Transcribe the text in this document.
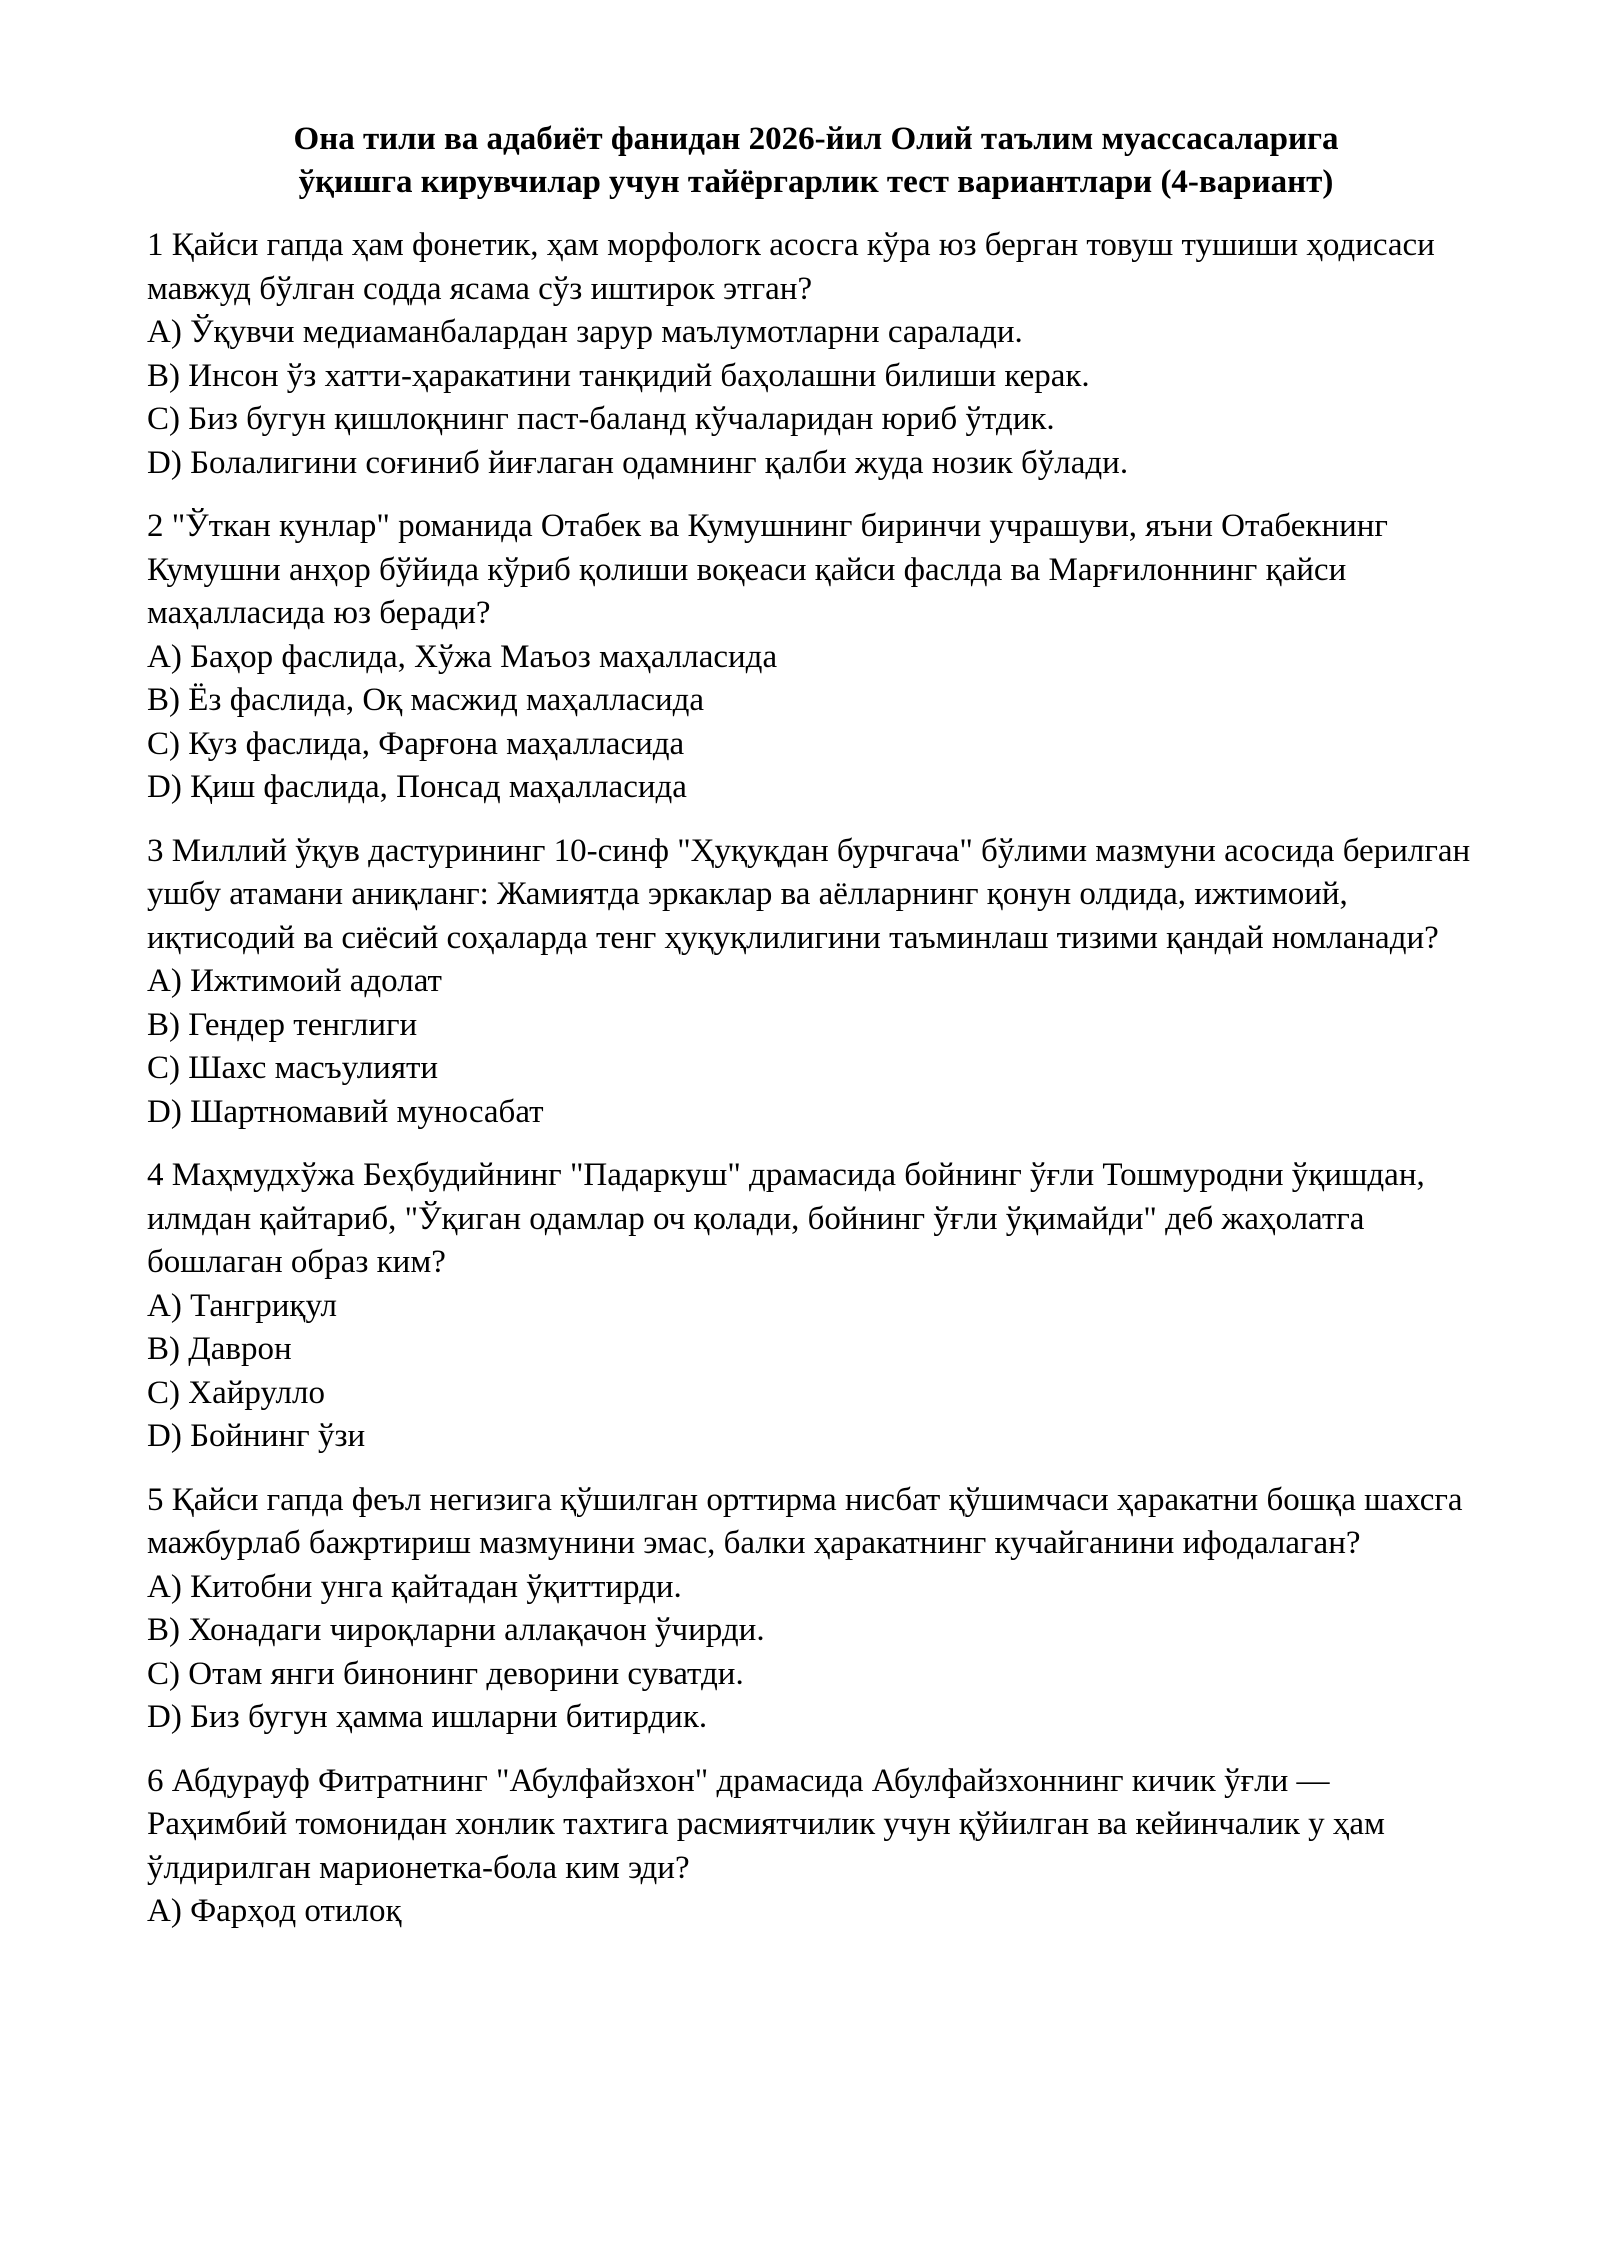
Она тили ва адабиёт фанидан 2026-йил Олий таълим муассасаларига
ўқишга кирувчилар учун тайёргарлик тест вариантлари (4-вариант)

1 Қайси гапда ҳам фонетик, ҳам морфологк асосга кўра юз берган товуш тушиши ҳодисаси мавжуд бўлган содда ясама сўз иштирок этган?

A) Ўқувчи медиаманбалардан зарур маълумотларни саралади.
B) Инсон ўз хатти-ҳаракатини танқидий баҳолашни билиши керак.
C) Биз бугун қишлоқнинг паст-баланд кўчаларидан юриб ўтдик.
D) Болалигини соғиниб йиғлаган одамнинг қалби жуда нозик бўлади.

2 "Ўткан кунлар" романида Отабек ва Кумушнинг биринчи учрашуви, яъни Отабекнинг Кумушни анҳор бўйида кўриб қолиши воқеаси қайси фаслда ва Марғилоннинг қайси маҳалласида юз беради?

A) Баҳор фаслида, Хўжа Маъоз маҳалласида
B) Ёз фаслида, Оқ масжид маҳалласида
C) Куз фаслида, Фарғона маҳалласида
D) Қиш фаслида, Понсад маҳалласида

3 Миллий ўқув дастурининг 10-синф "Ҳуқуқдан бурчгача" бўлими мазмуни асосида берилган ушбу атамани аниқланг: Жамиятда эркаклар ва аёлларнинг қонун олдида, ижтимоий, иқтисодий ва сиёсий соҳаларда тенг ҳуқуқлилигини таъминлаш тизими қандай номланади?

A) Ижтимоий адолат
B) Гендер тенглиги
C) Шахс масъулияти
D) Шартномавий муносабат

4 Маҳмудхўжа Беҳбудийнинг "Падаркуш" драмасида бойнинг ўғли Тошмуродни ўқишдан, илмдан қайтариб, "Ўқиган одамлар оч қолади, бойнинг ўғли ўқимайди" деб жаҳолатга бошлаган образ ким?

A) Тангриқул
B) Даврон
C) Хайрулло
D) Бойнинг ўзи

5 Қайси гапда феъл негизига қўшилган орттирма нисбат қўшимчаси ҳаракатни бошқа шахсга мажбурлаб бажртириш мазмунини эмас, балки ҳаракатнинг кучайганини ифодалаган?

A) Китобни унга қайтадан ўқиттирди.
B) Хонадаги чироқларни аллақачон ўчирди.
C) Отам янги бинонинг деворини суватди.
D) Биз бугун ҳамма ишларни битирдик.

6 Абдурауф Фитратнинг "Абулфайзхон" драмасида Абулфайзхоннинг кичик ўғли — Раҳимбий томонидан хонлик тахтига расмиятчилик учун қўйилган ва кейинчалик у ҳам ўлдирилган марионетка-бола ким эди?

A) Фарҳод отилоқ
